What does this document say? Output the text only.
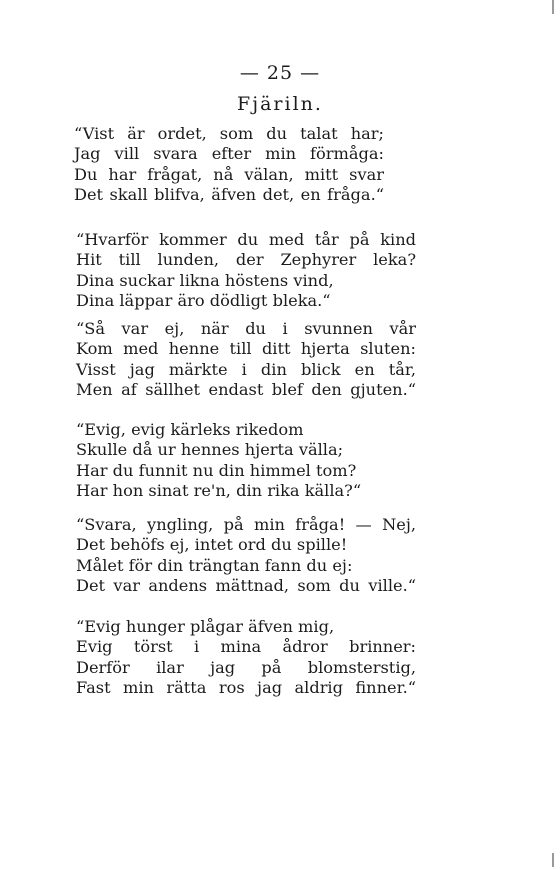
— 25 —
Fjäriln.
“Vist är ordet, som du talat har;
Jag vill svara efter min förmåga:
Du har frågat, nå välan, mitt svar
Det skall blifva, äfven det, en fråga.“
“Hvarför kommer du med tår på kind
Hit till lunden, der Zephyrer leka?
Dina suckar likna höstens vind,
Dina läppar äro dödligt bleka.“
“Så var ej, när du i svunnen vår
Kom med henne till ditt hjerta sluten:
Visst jag märkte i din blick en tår,
Men af sällhet endast blef den gjuten.“
“Evig, evig kärleks rikedom
Skulle då ur hennes hjerta välla;
Har du funnit nu din himmel tom?
Har hon sinat re'n, din rika källa?“
“Svara, yngling, på min fråga! — Nej,
Det behöfs ej, intet ord du spille!
Målet för din trängtan fann du ej:
Det var andens mättnad, som du ville.“
“Evig hunger plågar äfven mig,
Evig törst i mina ådror brinner:
Derför ilar jag på blomsterstig,
Fast min rätta ros jag aldrig finner.“
